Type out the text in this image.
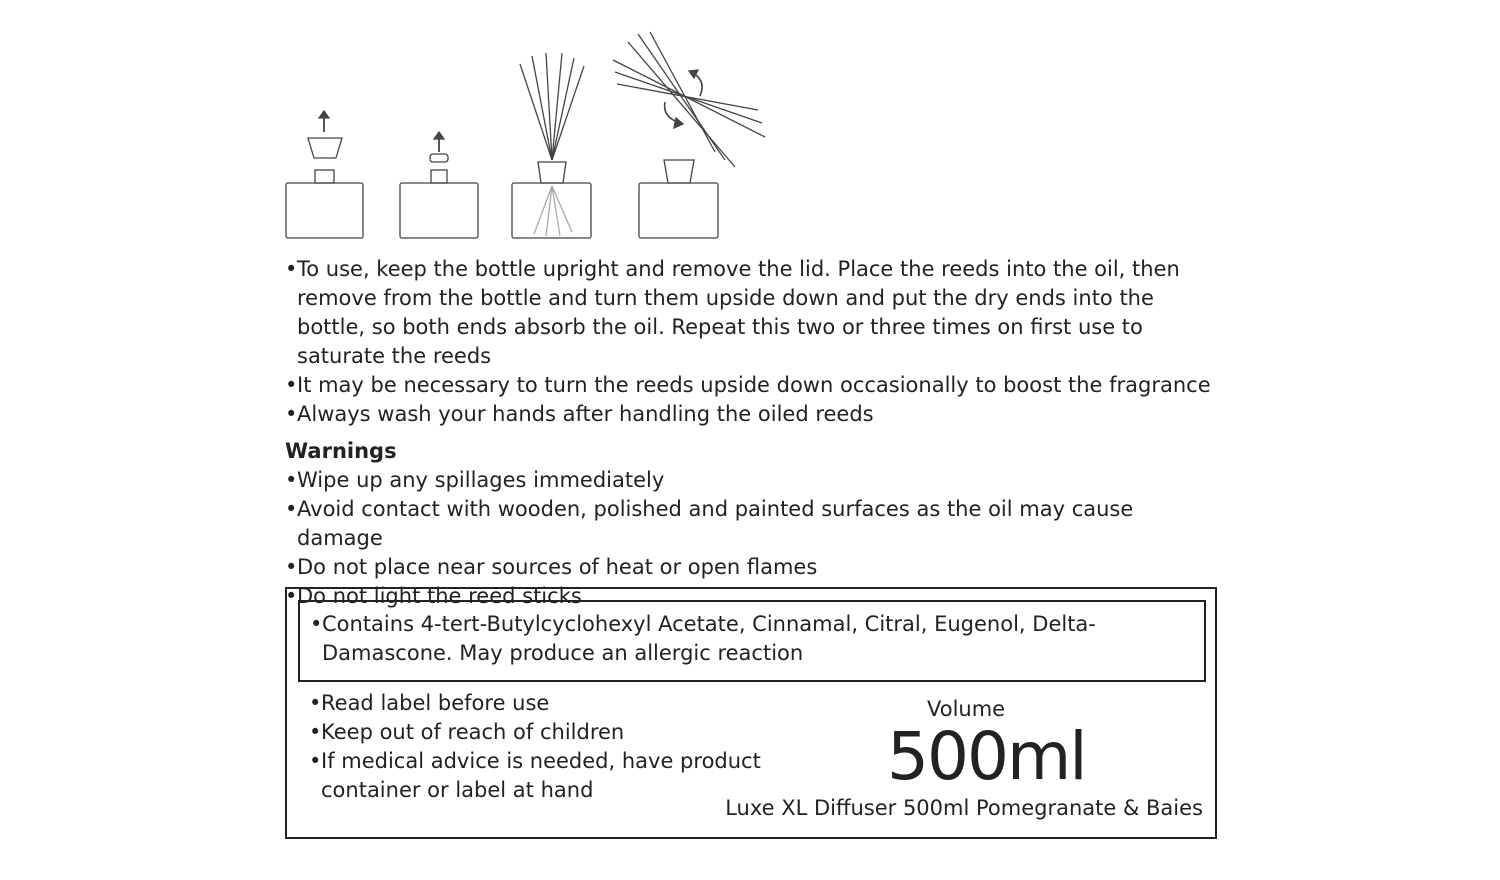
• To use, keep the bottle upright and remove the lid. Place the reeds into the oil, then remove from the bottle and turn them upside down and put the dry ends into the bottle, so both ends absorb the oil. Repeat this two or three times on first use to saturate the reeds
• It may be necessary to turn the reeds upside down occasionally to boost the fragrance
• Always wash your hands after handling the oiled reeds
Warnings
• Wipe up any spillages immediately
• Avoid contact with wooden, polished and painted surfaces as the oil may cause damage
• Do not place near sources of heat or open flames
• Do not light the reed sticks
• Contains 4-tert-Butylcyclohexyl Acetate, Cinnamal, Citral, Eugenol, Delta-Damascone. May produce an allergic reaction
• Read label before use
• Keep out of reach of children
• If medical advice is needed, have product container or label at hand
Volume
500ml
Luxe XL Diffuser 500ml Pomegranate & Baies
